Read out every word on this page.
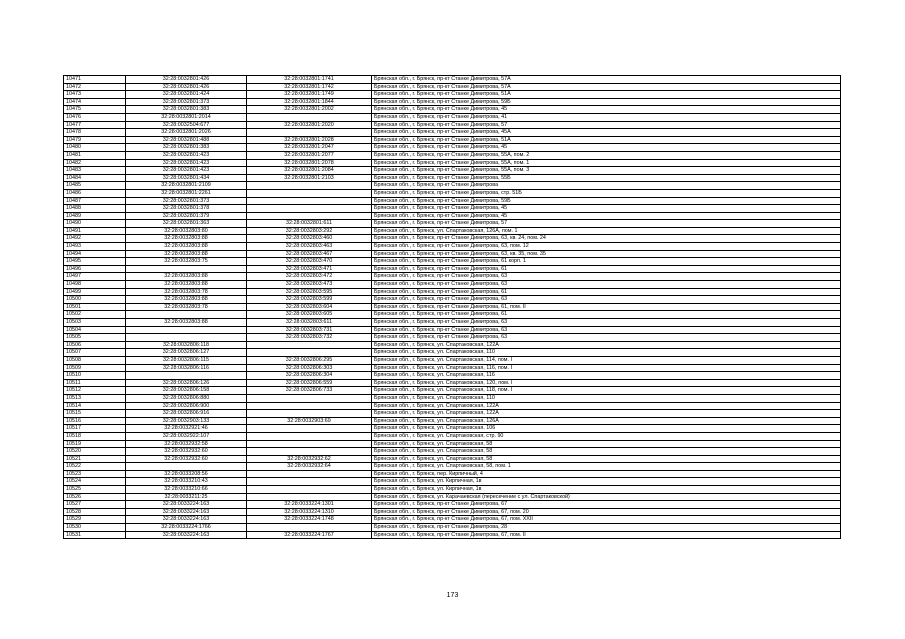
10471	32:28:0032801:426	32:28:0032801:1741	Брянская обл., г. Брянск, пр-кт Станке Димитрова, 57А
10472	32:28:0032801:426	32:28:0032801:1742	Брянская обл., г. Брянск, пр-кт Станке Димитрова, 57А
10473	32:28:0032801:424	32:28:0032801:1749	Брянская обл., г. Брянск, пр-кт Станке Димитрова, 51А
10474	32:28:0032801:373	32:28:0032801:1844	Брянская обл., г. Брянск, пр-кт Станке Димитрова, 59Б
10475	32:28:0032801:383	32:28:0032801:2002	Брянская обл., г. Брянск, пр-кт Станке Димитрова, 45
10476	32:28:0032801:2014		Брянская обл., г. Брянск, пр-кт Станке Димитрова, 41
10477	32:28:0032504:677	32:28:0032801:2020	Брянская обл., г. Брянск, пр-кт Станке Димитрова, 57
10478	32:28:0032801:2026		Брянская обл., г. Брянск, пр-кт Станке Димитрова, 45А
10479	32:28:0032801:488	32:28:0032801:2028	Брянская обл., г. Брянск, пр-кт Станке Димитрова, 51А
10480	32:28:0032801:383	32:28:0032801:2047	Брянская обл., г. Брянск, пр-кт Станке Димитрова, 45
10481	32:28:0032801:423	32:28:0032801:2077	Брянская обл., г. Брянск, пр-кт Станке Димитрова, 55А, пом. 2
10482	32:28:0032801:423	32:28:0032801:2078	Брянская обл., г. Брянск, пр-кт Станке Димитрова, 55А, пом. 1
10483	32:28:0032801:423	32:28:0032801:2084	Брянская обл., г. Брянск, пр-кт Станке Димитрова, 55А, пом. 3
10484	32:28:0032801:434	32:28:0032801:2103	Брянская обл., г. Брянск, пр-кт Станке Димитрова, 55Б
10485	32:28:0032801:2109		Брянская обл., г. Брянск, пр-кт Станке Димитрова
10486	32:28:0032801:2261		Брянская обл., г. Брянск, пр-кт Станке Димитрова, стр. 51Б
10487	32:28:0032801:373		Брянская обл., г. Брянск, пр-кт Станке Димитрова, 59Б
10488	32:28:0032801:378		Брянская обл., г. Брянск, пр-кт Станке Димитрова, 45
10489	32:28:0032801:379		Брянская обл., г. Брянск, пр-кт Станке Димитрова, 45
10490	32:28:0032801:363	32:28:0032801:611	Брянская обл., г. Брянск, пр-кт Станке Димитрова, 57
10491	32:28:0032803:80	32:28:0032803:292	Брянская обл., г. Брянск, ул. Спартаковская, 126А, пом. 1
10492	32:28:0032803:88	32:28:0032803:460	Брянская обл., г. Брянск, пр-кт Станке Димитрова, 63, кв. 24, пом. 24
10493	32:28:0032803:88	32:28:0032803:463	Брянская обл., г. Брянск, пр-кт Станке Димитрова, 63, пом. 12
10494	32:28:0032803:88	32:28:0032803:467	Брянская обл., г. Брянск, пр-кт Станке Димитрова, 63, кв. 35, пом. 35
10495	32:28:0032803:75	32:28:0032803:470	Брянская обл., г. Брянск, пр-кт Станке Димитрова, 61 корп. 1
10496		32:28:0032803:471	Брянская обл., г. Брянск, пр-кт Станке Димитрова, 61
10497	32:28:0032803:88	32:28:0032803:472	Брянская обл., г. Брянск, пр-кт Станке Димитрова, 63
10498	32:28:0032803:88	32:28:0032803:473	Брянская обл., г. Брянск, пр-кт Станке Димитрова, 63
10499	32:28:0032803:78	32:28:0032803:595	Брянская обл., г. Брянск, пр-кт Станке Димитрова, 61
10500	32:28:0032803:88	32:28:0032803:599	Брянская обл., г. Брянск, пр-кт Станке Димитрова, 63
10501	32:28:0032803:78	32:28:0032803:604	Брянская обл., г. Брянск, пр-кт Станке Димитрова, 61, пом. II
10502		32:28:0032803:605	Брянская обл., г. Брянск, пр-кт Станке Димитрова, 61
10503	32:28:0032803:88	32:28:0032803:611	Брянская обл., г. Брянск, пр-кт Станке Димитрова, 63
10504		32:28:0032803:731	Брянская обл., г. Брянск, пр-кт Станке Димитрова, 63
10505		32:28:0032803:732	Брянская обл., г. Брянск, пр-кт Станке Димитрова, 63
10506	32:28:0032806:118		Брянская обл., г. Брянск, ул. Спартаковская, 122А
10507	32:28:0032806:127		Брянская обл., г. Брянск, ул. Спартаковская, 110
10508	32:28:0032806:115	32:28:0032806:295	Брянская обл., г. Брянск, ул. Спартаковская, 114, пом. I
10509	32:28:0032806:116	32:28:0032806:303	Брянская обл., г. Брянск, ул. Спартаковская, 116, пом. I
10510		32:28:0032806:304	Брянская обл., г. Брянск, ул. Спартаковская, 116
10511	32:28:0032806:126	32:28:0032806:559	Брянская обл., г. Брянск, ул. Спартаковская, 120, пом. I
10512	32:28:0032806:158	32:28:0032806:733	Брянская обл., г. Брянск, ул. Спартаковская, 118, пом. I
10513	32:28:0032806:880		Брянская обл., г. Брянск, ул. Спартаковская, 110
10514	32:28:0032806:900		Брянская обл., г. Брянск, ул. Спартаковская, 122А
10515	32:28:0032806:916		Брянская обл., г. Брянск, ул. Спартаковская, 122А
10516	32:28:0032903:133	32:28:0032903:69	Брянская обл., г. Брянск, ул. Спартаковская, 126А
10517	32:28:0032921:46		Брянская обл., г. Брянск, ул. Спартаковская, 106
10518	32:28:0032922:107		Брянская обл., г. Брянск, ул. Спартаковская, стр. 90
10519	32:28:0032932:58		Брянская обл., г. Брянск, ул. Спартаковская, 58
10520	32:28:0032932:60		Брянская обл., г. Брянск, ул. Спартаковская, 58
10521	32:28:0032932:60	32:28:0032932:62	Брянская обл., г. Брянск, ул. Спартаковская, 58
10522		32:28:0032932:64	Брянская обл., г. Брянск, ул. Спартаковская, 58, пом. 1
10523	32:28:0033208:56		Брянская обл., г. Брянск, пер. Кирпичный, 4
10524	32:28:0033210:43		Брянская обл., г. Брянск, ул. Кирпичная, 1в
10525	32:28:0033210:66		Брянская обл., г. Брянск, ул. Кирпичная, 1в
10526	32:28:0033211:25		Брянская обл., г. Брянск, ул. Карачаевская (пересечение с ул. Спартаковской)
10527	32:28:0033224:163	32:28:0033224:1301	Брянская обл., г. Брянск, пр-кт Станке Димитрова, 67
10528	32:28:0033224:163	32:28:0033224:1310	Брянская обл., г. Брянск, пр-кт Станке Димитрова, 67, пом. 20
10529	32:28:0033224:163	32:28:0033224:1748	Брянская обл., г. Брянск, пр-кт Станке Димитрова, 67, пом. XXII
10530	32:28:0033224:1766		Брянская обл., г. Брянск, пр-кт Станке Димитрова, 28
10531	32:28:0033224:163	32:28:0033224:1767	Брянская обл., г. Брянск, пр-кт Станке Димитрова, 67, пом. II
173
